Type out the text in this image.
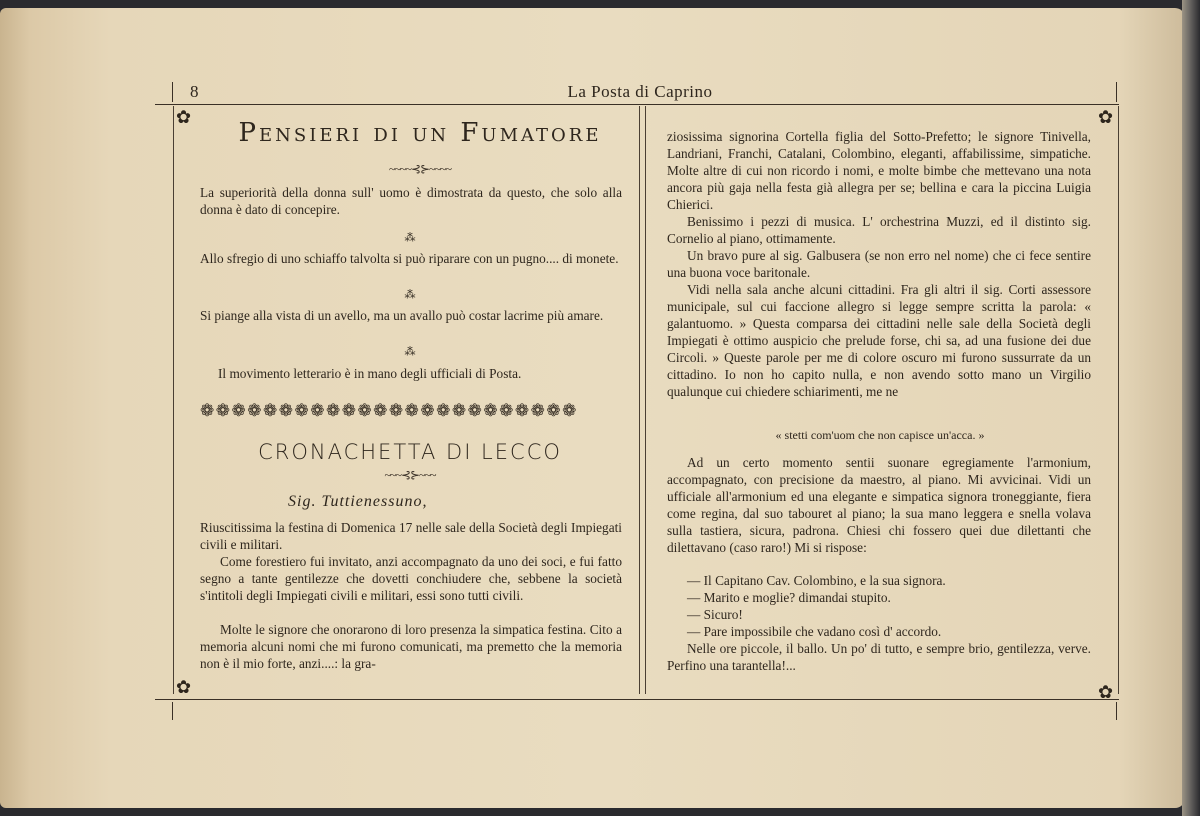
8	La Posta di Caprino
✿
✿
✿
✿
Pensieri di un Fumatore
~~~~⊰⊱~~~~
La superiorità della donna sull' uomo è dimostrata da questo, che solo alla donna è dato di concepire.
⁂
Allo sfregio di uno schiaffo talvolta si può riparare con un pugno.... di monete.
⁂
Si piange alla vista di un avello, ma un avallo può costar lacrime più amare.
⁂
Il movimento letterario è in mano degli ufficiali di Posta.
❁❁❁❁❁❁❁❁❁❁❁❁❁❁❁❁❁❁❁❁❁❁❁❁
CRONACHETTA DI LECCO
~~~⊰⊱~~~
Sig. Tuttienessuno,
Riuscitissima la festina di Domenica 17 nelle sale della Società degli Impiegati civili e militari.
Come forestiero fui invitato, anzi accompagnato da uno dei soci, e fui fatto segno a tante gentilezze che dovetti conchiudere che, sebbene la società s'intitoli degli Impiegati civili e militari, essi sono tutti civili.
Molte le signore che onorarono di loro presenza la simpatica festina. Cito a memoria alcuni nomi che mi furono comunicati, ma premetto che la memoria non è il mio forte, anzi....: la gra-
ziosissima signorina Cortella figlia del Sotto-Prefetto; le signore Tinivella, Landriani, Franchi, Catalani, Colombino, eleganti, affabilissime, simpatiche. Molte altre di cui non ricordo i nomi, e molte bimbe che mettevano una nota ancora più gaja nella festa già allegra per se; bellina e cara la piccina Luigia Chierici.
Benissimo i pezzi di musica. L' orchestrina Muzzi, ed il distinto sig. Cornelio al piano, ottimamente.
Un bravo pure al sig. Galbusera (se non erro nel nome) che ci fece sentire una buona voce baritonale.
Vidi nella sala anche alcuni cittadini. Fra gli altri il sig. Corti assessore municipale, sul cui faccione allegro si legge sempre scritta la parola: « galantuomo. » Questa comparsa dei cittadini nelle sale della Società degli Impiegati è ottimo auspicio che prelude forse, chi sa, ad una fusione dei due Circoli. » Queste parole per me di colore oscuro mi furono sussurrate da un cittadino. Io non ho capito nulla, e non avendo sotto mano un Virgilio qualunque cui chiedere schiarimenti, me ne
« stetti com'uom che non capisce un'acca. »
Ad un certo momento sentii suonare egregiamente l'armonium, accompagnato, con precisione da maestro, al piano. Mi avvicinai. Vidi un ufficiale all'armonium ed una elegante e simpatica signora troneggiante, fiera come regina, dal suo tabouret al piano; la sua mano leggera e snella volava sulla tastiera, sicura, padrona. Chiesi chi fossero quei due dilettanti che dilettavano (caso raro!) Mi si rispose:
— Il Capitano Cav. Colombino, e la sua signora.
— Marito e moglie? dimandai stupito.
— Sicuro!
— Pare impossibile che vadano così d' accordo.
Nelle ore piccole, il ballo. Un po' di tutto, e sempre brio, gentilezza, verve. Perfino una tarantella!...
